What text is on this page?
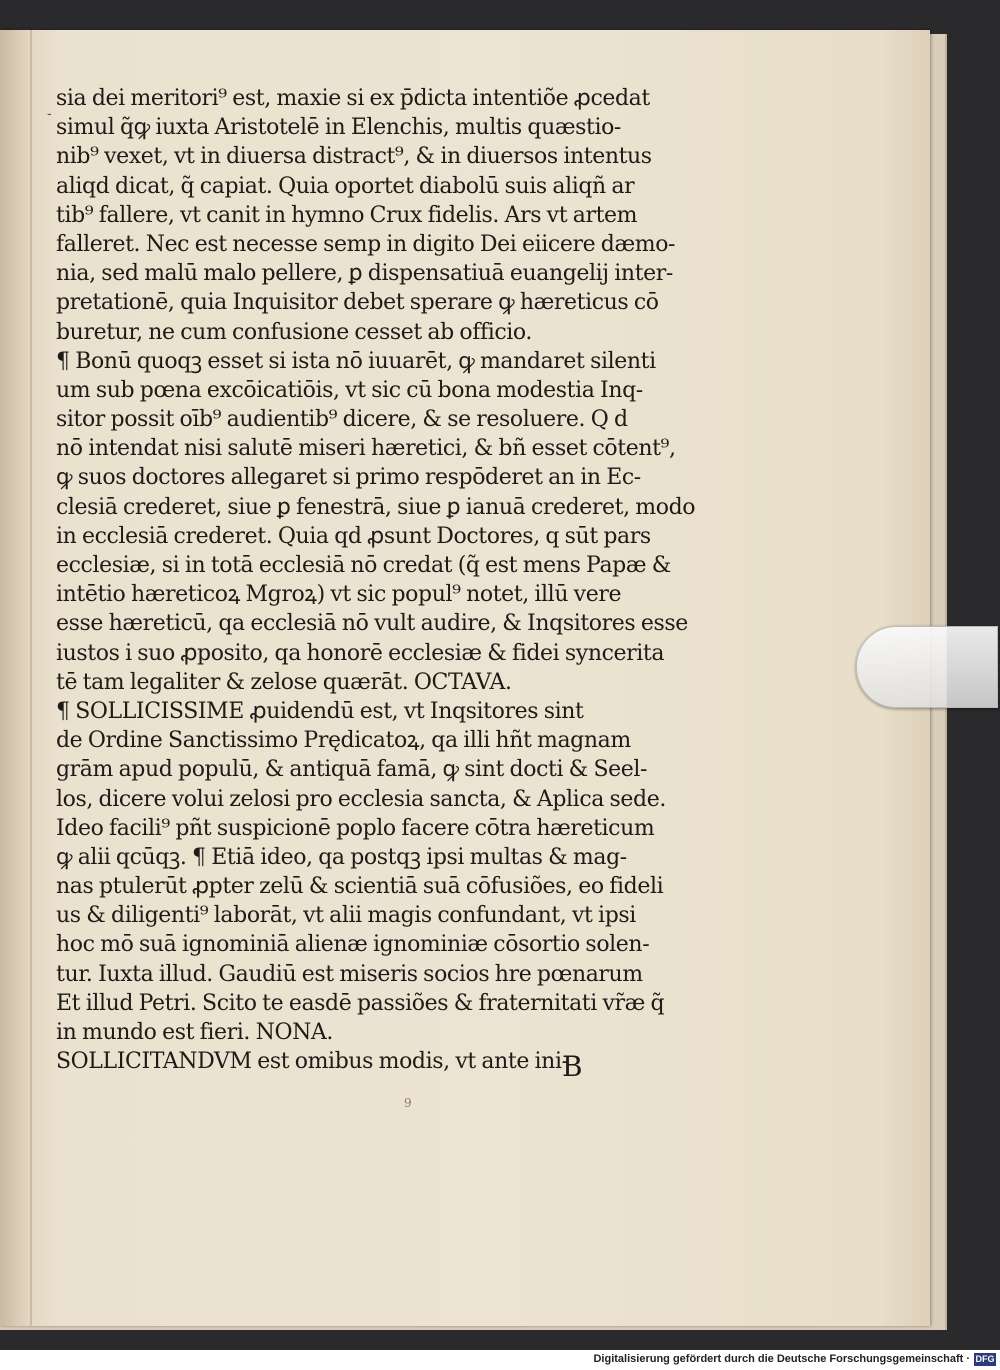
-
sia dei meritori⁹ est, maxie si ex p̄dicta intentiõe ꝓcedat
simul q̃ꝙ iuxta Aristotelē in Elenchis, multis quæstio-
nib⁹ vexet, vt in diuersa distract⁹, & in diuersos intentus
aliqd dicat, q̃ capiat. Quia oportet diabolū suis aliqñ ar
tib⁹ fallere, vt canit in hymno Crux fidelis. Ars vt artem
falleret. Nec est necesse semp in digito Dei eiicere dæmo-
nia, sed malū malo pellere, ꝑ dispensatiuā euangelij inter-
pretationē, quia Inquisitor debet sperare ꝙ hæreticus cō
buretur, ne cum confusione cesset ab officio.
¶ Bonū quoqꝫ esset si ista nō iuuarēt, ꝙ mandaret silenti
um sub pœna excōicatiōis, vt sic cū bona modestia Inq-
sitor possit oīb⁹ audientib⁹ dicere, & se resoluere. Q d
nō intendat nisi salutē miseri hæretici, & bñ esset cōtent⁹,
ꝙ suos doctores allegaret si primo respōderet an in Ec-
clesiā crederet, siue ꝑ fenestrā, siue ꝑ ianuā crederet, modo
in ecclesiā crederet. Quia qd ꝓsunt Doctores, q sūt pars
ecclesiæ, si in totā ecclesiā nō credat (q̃ est mens Papæ &
intētio hæreticoꝝ Mgroꝝ) vt sic popul⁹ notet, illū vere
esse hæreticū, qa ecclesiā nō vult audire, & Inqsitores esse
iustos i suo ꝓposito, qa honorē ecclesiæ & fidei syncerita
tē tam legaliter & zelose quærāt. OCTAVA.
¶ SOLLICISSIME ꝓuidendū est, vt Inqsitores sint
de Ordine Sanctissimo Prędicatoꝝ, qa illi hñt magnam
grām apud populū, & antiquā famā, ꝙ sint docti & Seel-
los, dicere volui zelosi pro ecclesia sancta, & Aplica sede.
Ideo facili⁹ pñt suspicionē poplo facere cōtra hæreticum
ꝙ alii qcūqꝫ. ¶ Etiā ideo, qa postqꝫ ipsi multas & mag-
nas ptulerūt ꝓpter zelū & scientiā suā cōfusiões, eo fideli
us & diligenti⁹ laborāt, vt alii magis confundant, vt ipsi
hoc mō suā ignominiā alienæ ignominiæ cōsortio solen-
tur. Iuxta illud. Gaudiū est miseris socios hre pœnarum
Et illud Petri. Scito te easdē passiões & fraternitati vr̃æ q̃
in mundo est fieri. NONA.
SOLLICITANDVM est omibus modis, vt ante ini-
B
9
Digitalisierung gefördert durch die Deutsche Forschungsgemeinschaft · DFG
